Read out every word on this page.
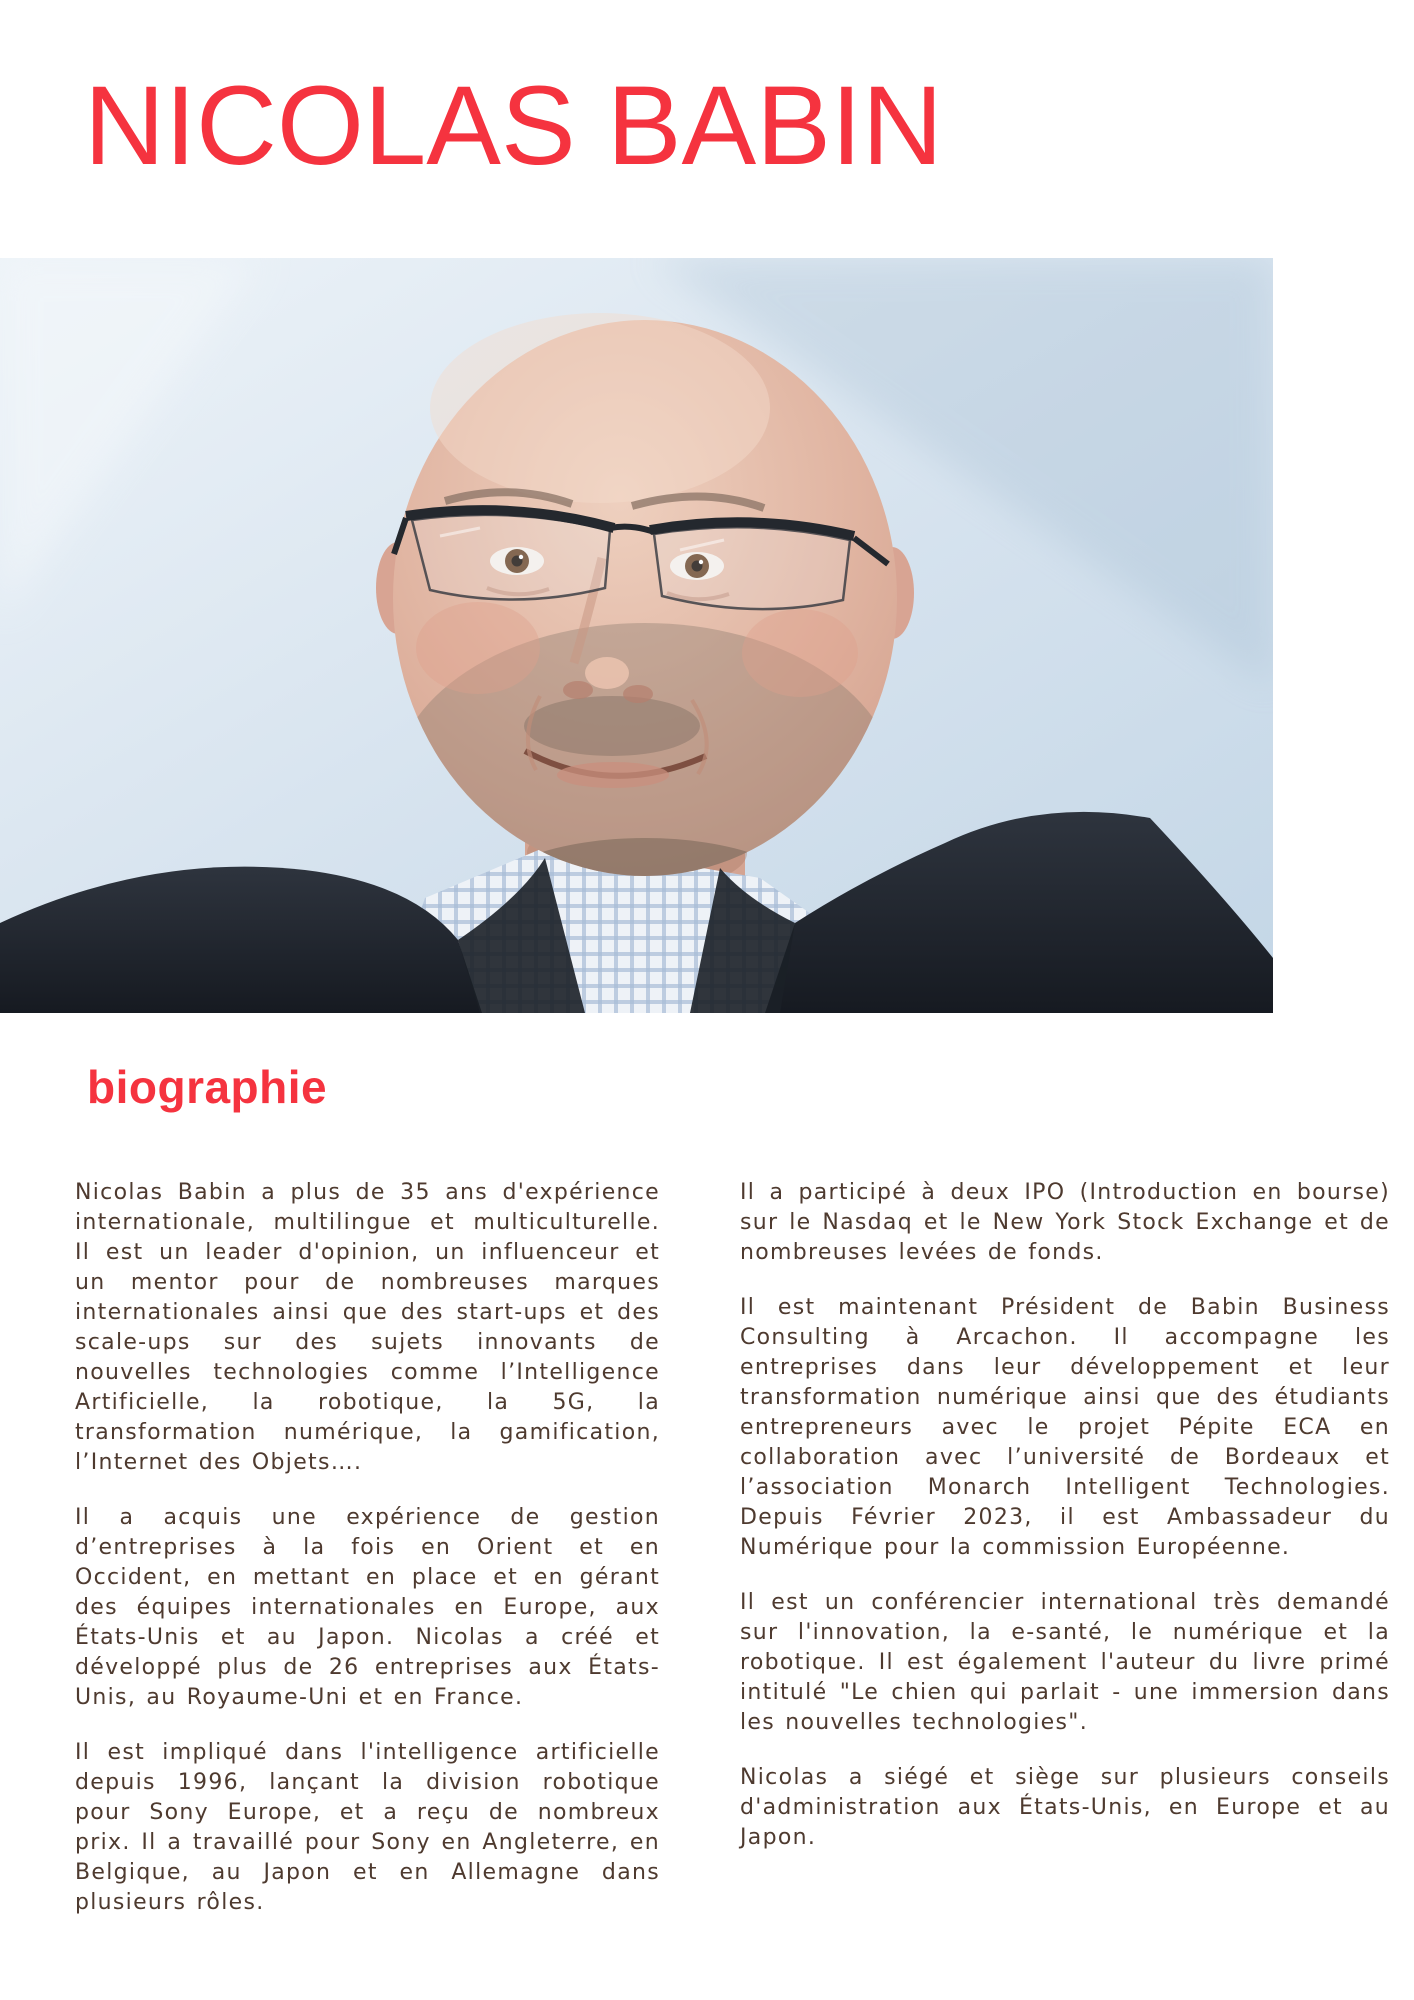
NICOLAS BABIN
biographie

Nicolas Babin a plus de 35 ans d'expérience internationale, multilingue et multiculturelle. Il est un leader d'opinion, un influenceur et un mentor pour de nombreuses marques internationales ainsi que des start-ups et des scale-ups sur des sujets innovants de nouvelles technologies comme l’Intelligence Artificielle, la robotique, la 5G, la transformation numérique, la gamification, l’Internet des Objets….

Il a acquis une expérience de gestion d’entreprises à la fois en Orient et en Occident, en mettant en place et en gérant des équipes internationales en Europe, aux États-Unis et au Japon. Nicolas a créé et développé plus de 26 entreprises aux États-Unis, au Royaume-Uni et en France.

Il est impliqué dans l'intelligence artificielle depuis 1996, lançant la division robotique pour Sony Europe, et a reçu de nombreux prix. Il a travaillé pour Sony en Angleterre, en Belgique, au Japon et en Allemagne dans plusieurs rôles.

Il a participé à deux IPO (Introduction en bourse) sur le Nasdaq et le New York Stock Exchange et de nombreuses levées de fonds.

Il est maintenant Président de Babin Business Consulting à Arcachon. Il accompagne les entreprises dans leur développement et leur transformation numérique ainsi que des étudiants entrepreneurs avec le projet Pépite ECA en collaboration avec l’université de Bordeaux et l’association Monarch Intelligent Technologies. Depuis Février 2023, il est Ambassadeur du Numérique pour la commission Européenne.

Il est un conférencier international très demandé sur l'innovation, la e-santé, le numérique et la robotique. Il est également l'auteur du livre primé intitulé "Le chien qui parlait - une immersion dans les nouvelles technologies".

Nicolas a siégé et siège sur plusieurs conseils d'administration aux États-Unis, en Europe et au Japon.
